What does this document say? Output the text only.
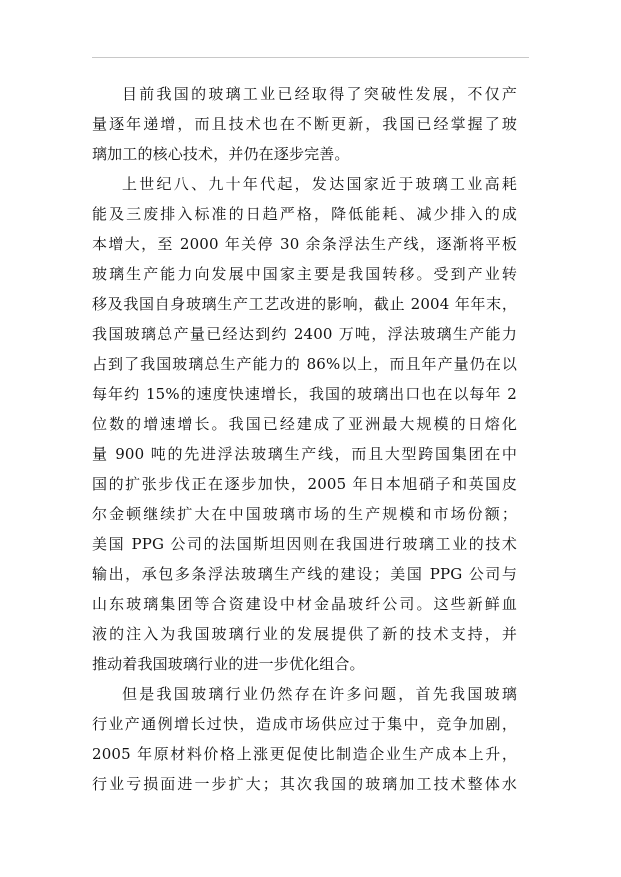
目前我国的玻璃工业已经取得了突破性发展，不仅产
量逐年递增，而且技术也在不断更新，我国已经掌握了玻
璃加工的核心技术，并仍在逐步完善。
上世纪八、九十年代起，发达国家近于玻璃工业高耗
能及三废排入标准的日趋严格，降低能耗、减少排入的成
本增大，至 2000 年关停 30 余条浮法生产线，逐渐将平板
玻璃生产能力向发展中国家主要是我国转移。受到产业转
移及我国自身玻璃生产工艺改进的影响，截止 2004 年年末，
我国玻璃总产量已经达到约 2400 万吨，浮法玻璃生产能力
占到了我国玻璃总生产能力的 86%以上，而且年产量仍在以
每年约 15%的速度快速增长，我国的玻璃出口也在以每年 2
位数的增速增长。我国已经建成了亚洲最大规模的日熔化
量 900 吨的先进浮法玻璃生产线，而且大型跨国集团在中
国的扩张步伐正在逐步加快，2005 年日本旭硝子和英国皮
尔金顿继续扩大在中国玻璃市场的生产规模和市场份额；
美国 PPG 公司的法国斯坦因则在我国进行玻璃工业的技术
输出，承包多条浮法玻璃生产线的建设；美国 PPG 公司与
山东玻璃集团等合资建设中材金晶玻纤公司。这些新鲜血
液的注入为我国玻璃行业的发展提供了新的技术支持，并
推动着我国玻璃行业的进一步优化组合。
但是我国玻璃行业仍然存在许多问题，首先我国玻璃
行业产通例增长过快，造成市场供应过于集中，竞争加剧，
2005 年原材料价格上涨更促使比制造企业生产成本上升，
行业亏损面进一步扩大；其次我国的玻璃加工技术整体水
